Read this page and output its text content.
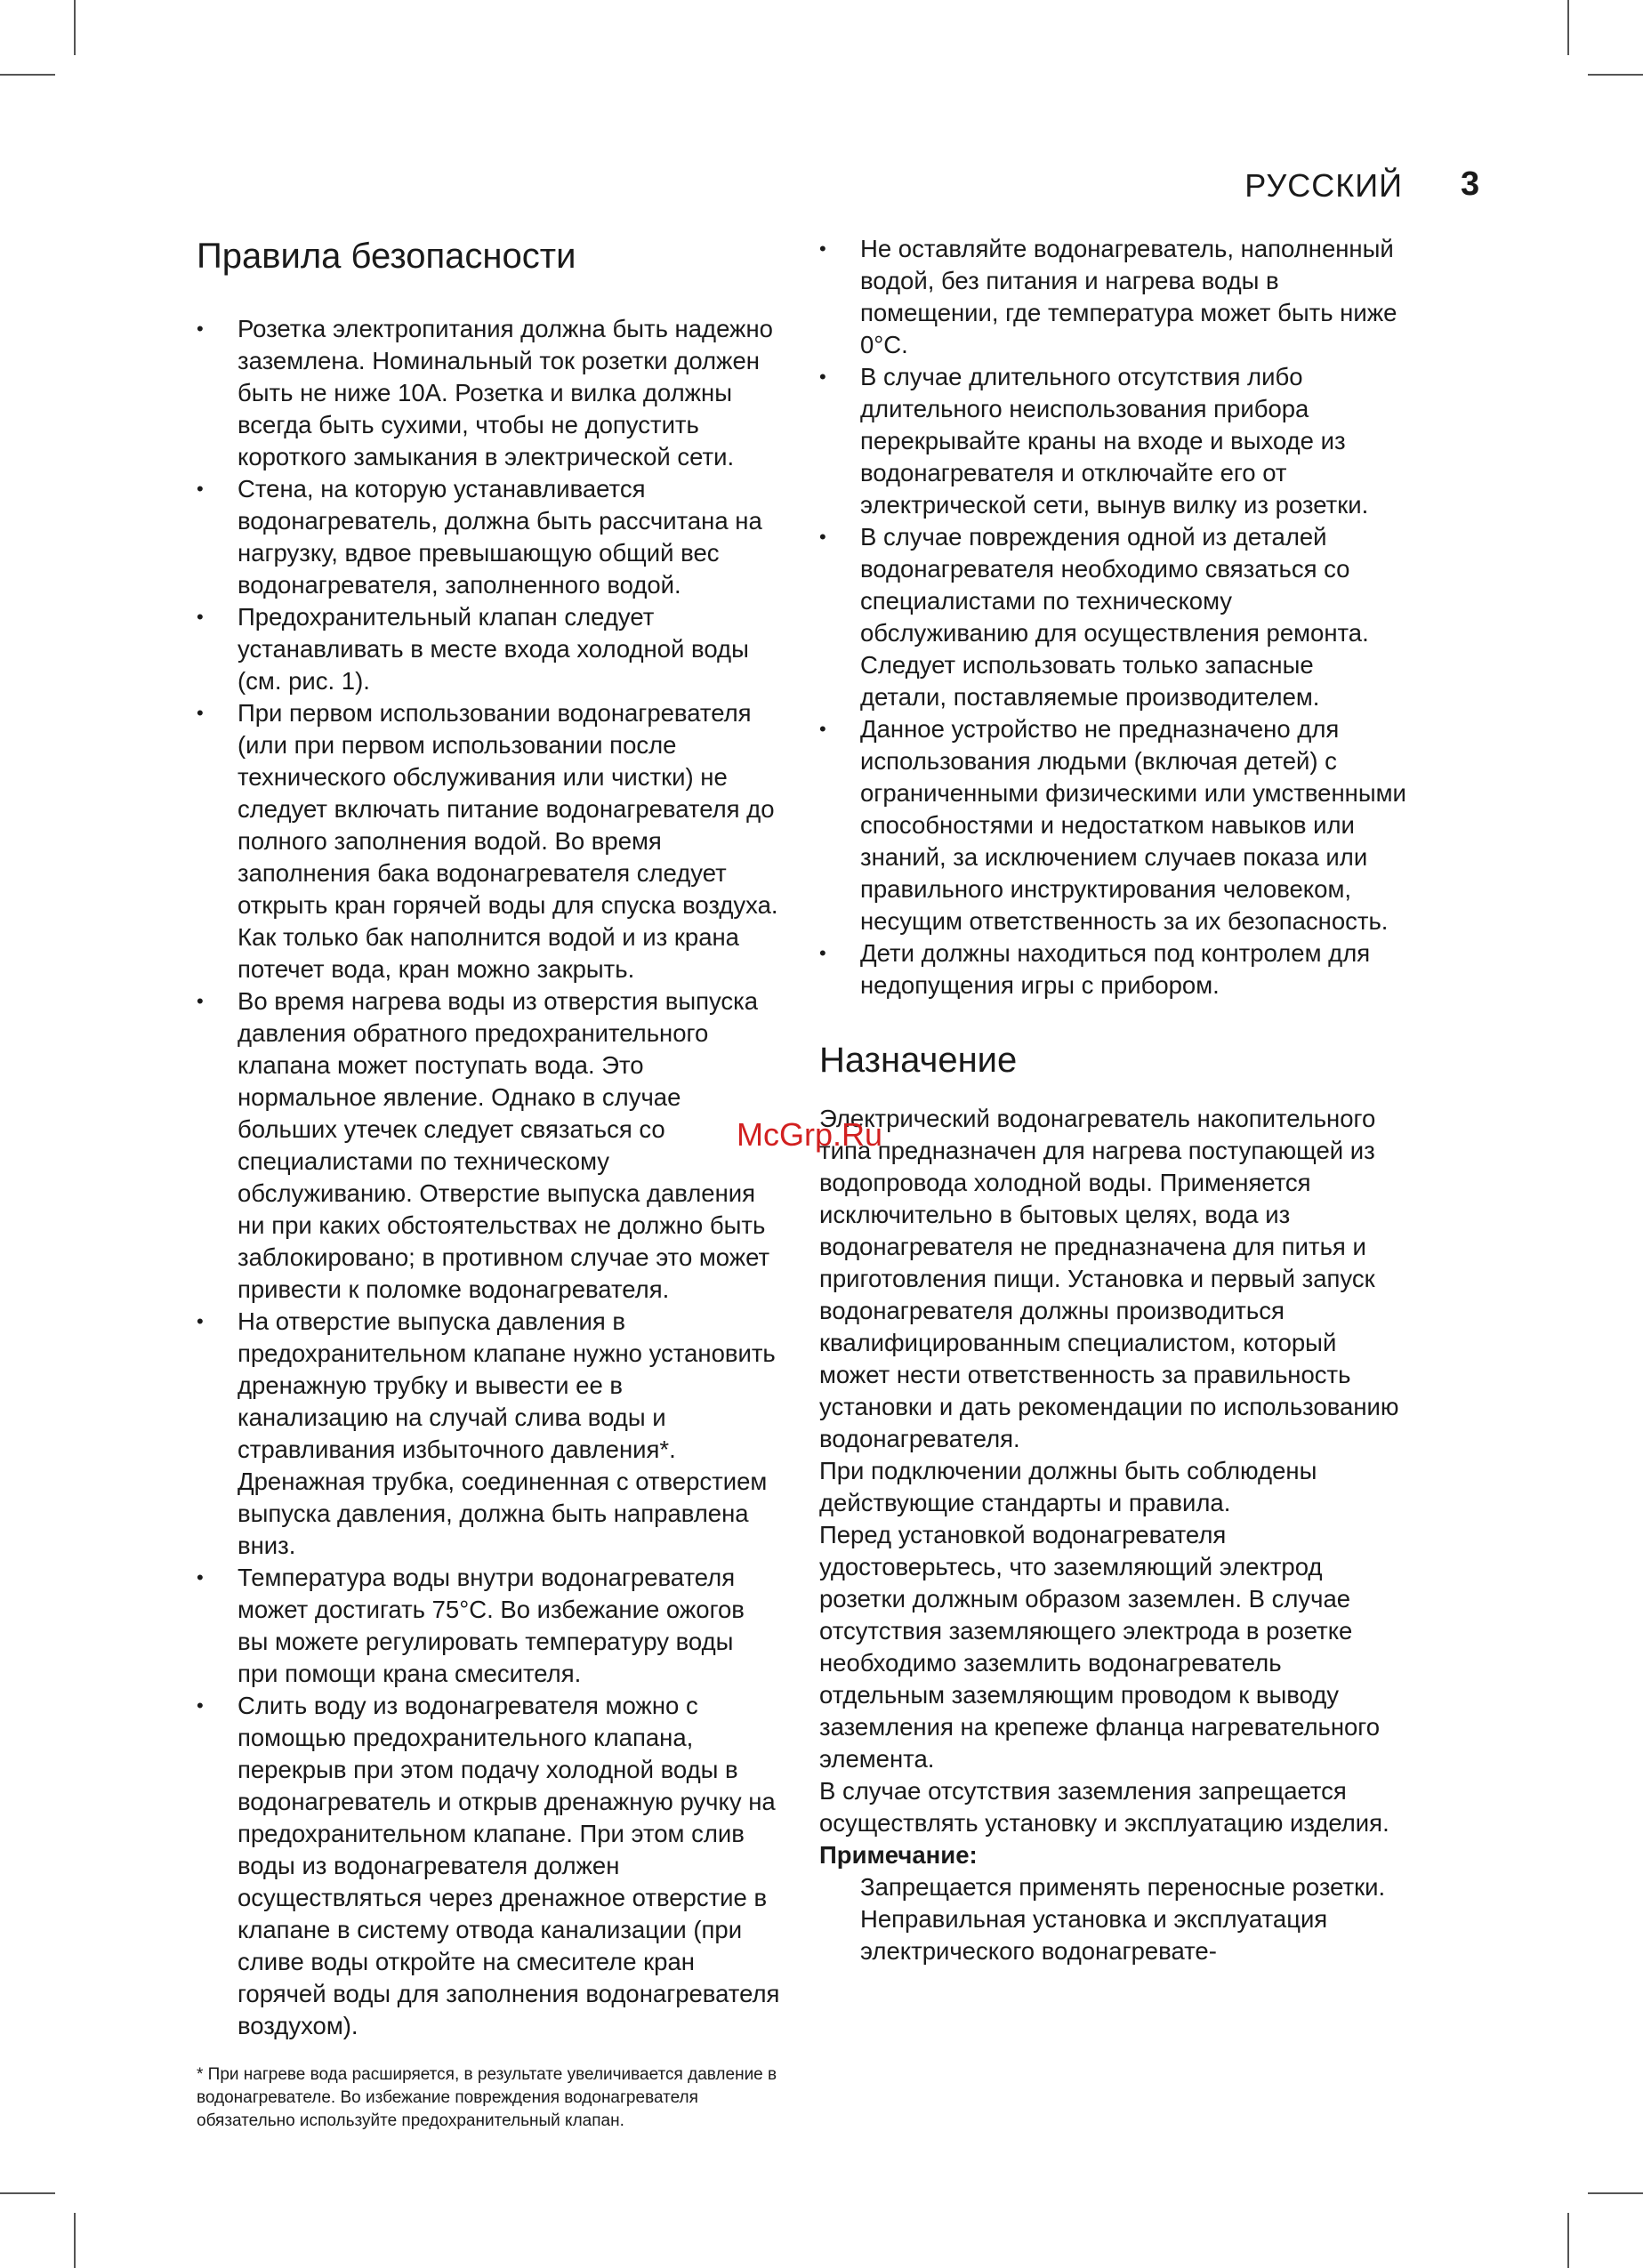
РУССКИЙ 3
Правила безопасности
• Розетка электропитания должна быть надежно заземлена. Номинальный ток розетки должен быть не ниже 10А. Розетка и вилка должны всегда быть сухими, чтобы не допустить короткого замыкания в электрической сети.
• Стена, на которую устанавливается водонагреватель, должна быть рассчитана на нагрузку, вдвое превышающую общий вес водонагревателя, заполненного водой.
• Предохранительный клапан следует устанавливать в месте входа холодной воды (см. рис. 1).
• При первом использовании водонагревателя (или при первом использовании после технического обслуживания или чистки) не следует включать питание водонагревателя до полного заполнения водой. Во время заполнения бака водонагревателя следует открыть кран горячей воды для спуска воздуха. Как только бак наполнится водой и из крана потечет вода, кран можно закрыть.
• Во время нагрева воды из отверстия выпуска давления обратного предохранительного клапана может поступать вода. Это нормальное явление. Однако в случае больших утечек следует связаться со специалистами по техническому обслуживанию. Отверстие выпуска давления ни при каких обстоятельствах не должно быть заблокировано; в противном случае это может привести к поломке водонагревателя.
• На отверстие выпуска давления в предохранительном клапане нужно установить дренажную трубку и вывести ее в канализацию на случай слива воды и стравливания избыточного давления*. Дренажная трубка, соединенная с отверстием выпуска давления, должна быть направлена вниз.
• Температура воды внутри водонагревателя может достигать 75°C. Во избежание ожогов вы можете регулировать температуру воды при помощи крана смесителя.
• Слить воду из водонагревателя можно с помощью предохранительного клапана, перекрыв при этом подачу холодной воды в водонагреватель и открыв дренажную ручку на предохранительном клапане. При этом слив воды из водонагревателя должен осуществляться через дренажное отверстие в клапане в систему отвода канализации (при сливе воды откройте на смесителе кран горячей воды для заполнения водонагревателя воздухом).
* При нагреве вода расширяется, в результате увеличивается давление в водонагревателе. Во избежание повреждения водонагревателя обязательно используйте предохранительный клапан.
• Не оставляйте водонагреватель, наполненный водой, без питания и нагрева воды в помещении, где температура может быть ниже 0°C.
• В случае длительного отсутствия либо длительного неиспользования прибора перекрывайте краны на входе и выходе из водонагревателя и отключайте его от электрической сети, вынув вилку из розетки.
• В случае повреждения одной из деталей водонагревателя необходимо связаться со специалистами по техническому обслуживанию для осуществления ремонта. Следует использовать только запасные детали, поставляемые производителем.
• Данное устройство не предназначено для использования людьми (включая детей) с ограниченными физическими или умственными способностями и недостатком навыков или знаний, за исключением случаев показа или правильного инструктирования человеком, несущим ответственность за их безопасность.
• Дети должны находиться под контролем для недопущения игры с прибором.
Назначение

Электрический водонагреватель накопительного типа предназначен для нагрева поступающей из водопровода холодной воды. Применяется исключительно в бытовых целях, вода из водонагревателя не предназначена для питья и приготовления пищи. Установка и первый запуск водонагревателя должны производиться квалифицированным специалистом, который может нести ответственность за правильность установки и дать рекомендации по использованию водонагревателя.

При подключении должны быть соблюдены действующие стандарты и правила.

Перед установкой водонагревателя удостоверьтесь, что заземляющий электрод розетки должным образом заземлен. В случае отсутствия заземляющего электрода в розетке необходимо заземлить водонагреватель отдельным заземляющим проводом к выводу заземления на крепеже фланца нагревательного элемента.

В случае отсутствия заземления запрещается осуществлять установку и эксплуатацию изделия.

Примечание:

Запрещается применять переносные розетки. Неправильная установка и эксплуатация электрического водонагревате-

McGrp.Ru
